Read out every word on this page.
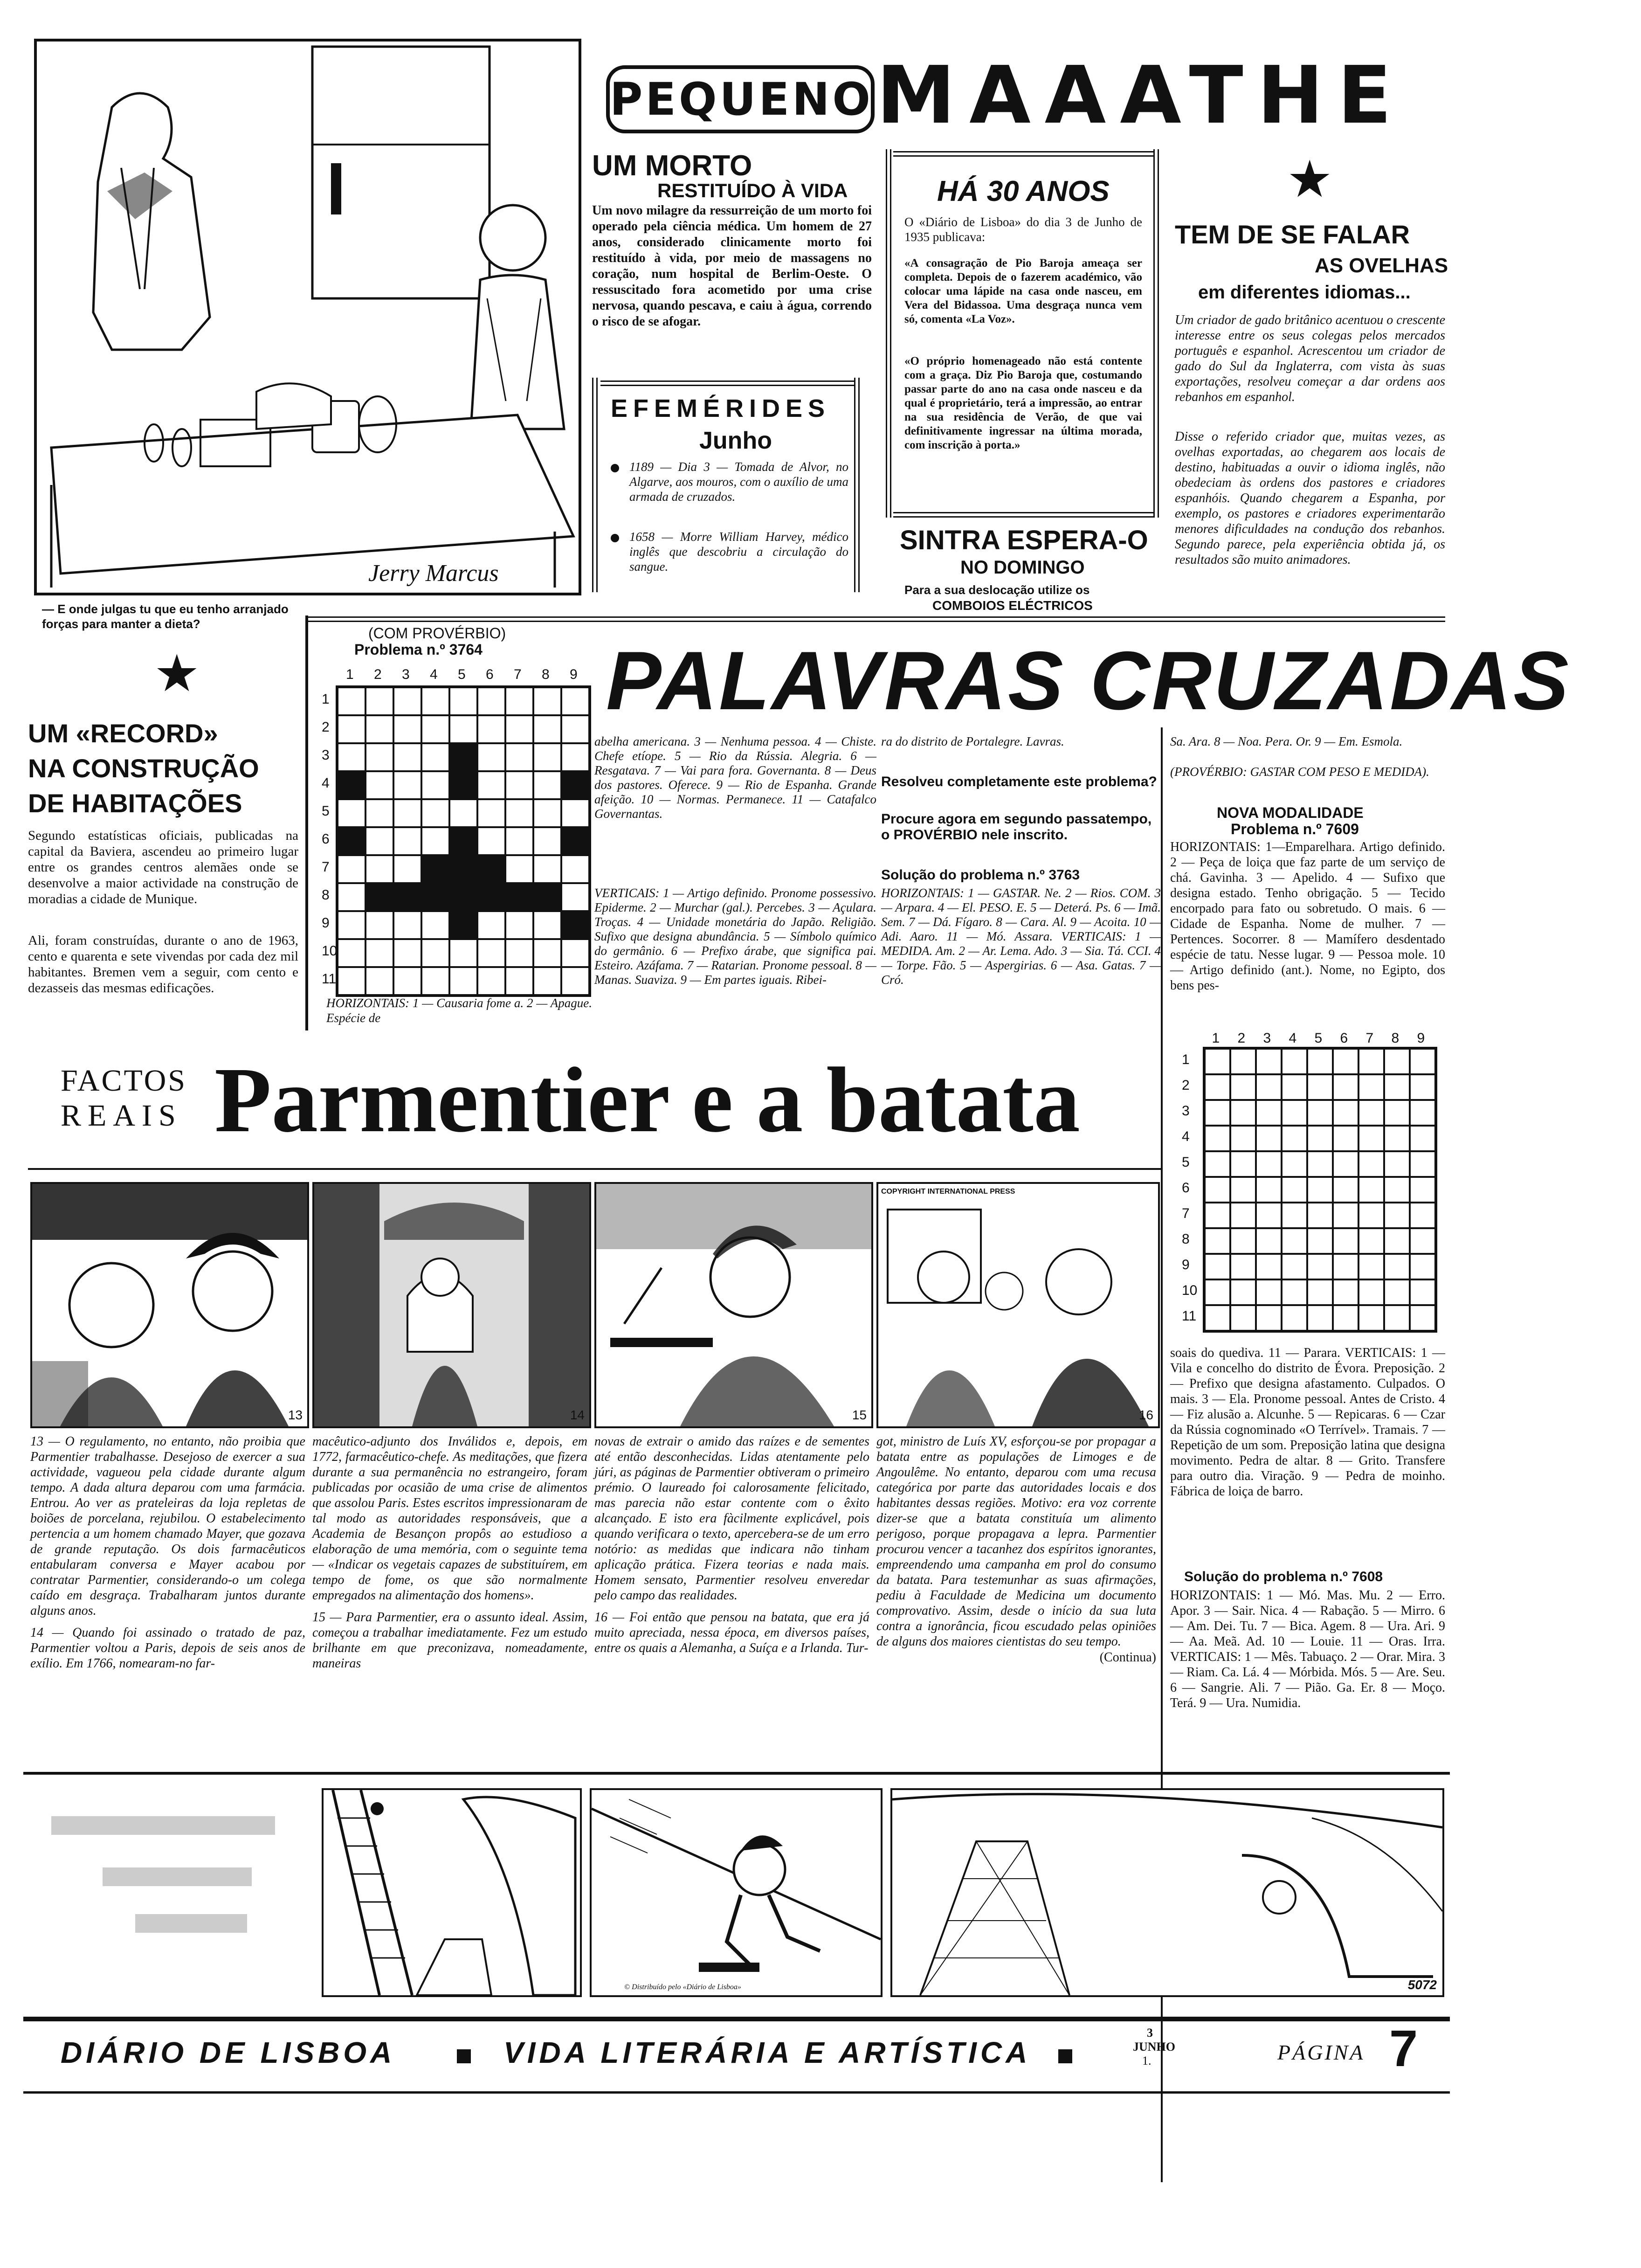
Jerry Marcus
— E onde julgas tu que eu tenho arranjado forças para manter a dieta?
PEQUENO MAAATHE
UM MORTO
RESTITUÍDO À VIDA
Um novo milagre da ressurreição de um morto foi operado pela ciência médica. Um homem de 27 anos, considerado clinicamente morto foi restituído à vida, por meio de massagens no coração, num hospital de Berlim-Oeste. O ressuscitado fora acometido por uma crise nervosa, quando pescava, e caiu à água, correndo o risco de se afogar.
EFEMÉRIDES
Junho
1189 — Dia 3 — Tomada de Alvor, no Algarve, aos mouros, com o auxílio de uma armada de cruzados.
1658 — Morre William Harvey, médico inglês que descobriu a circulação do sangue.
HÁ 30 ANOS
O «Diário de Lisboa» do dia 3 de Junho de 1935 publicava:
«A consagração de Pio Baroja ameaça ser completa. Depois de o fazerem académico, vão colocar uma lápide na casa onde nasceu, em Vera del Bidassoa. Uma desgraça nunca vem só, comenta «La Voz».
«O próprio homenageado não está contente com a graça. Diz Pio Baroja que, costumando passar parte do ano na casa onde nasceu e da qual é proprietário, terá a impressão, ao entrar na sua residência de Verão, de que vai definitivamente ingressar na última morada, com inscrição à porta.»
SINTRA ESPERA-O
NO DOMINGO
Para a sua deslocação utilize os
COMBOIOS ELÉCTRICOS
★
TEM DE SE FALAR
AS OVELHAS
em diferentes idiomas...
Um criador de gado britânico acentuou o crescente interesse entre os seus colegas pelos mercados português e espanhol. Acrescentou um criador de gado do Sul da Inglaterra, com vista às suas exportações, resolveu começar a dar ordens aos rebanhos em espanhol.
Disse o referido criador que, muitas vezes, as ovelhas exportadas, ao chegarem aos locais de destino, habituadas a ouvir o idioma inglês, não obedeciam às ordens dos pastores e criadores espanhóis. Quando chegarem a Espanha, por exemplo, os pastores e criadores experimentarão menores dificuldades na condução dos rebanhos. Segundo parece, pela experiência obtida já, os resultados são muito animadores.
★
UM «RECORD»
NA CONSTRUÇÃO
DE HABITAÇÕES
Segundo estatísticas oficiais, publicadas na capital da Baviera, ascendeu ao primeiro lugar entre os grandes centros alemães onde se desenvolve a maior actividade na construção de moradias a cidade de Munique.
Ali, foram construídas, durante o ano de 1963, cento e quarenta e sete vivendas por cada dez mil habitantes. Bremen vem a seguir, com cento e dezasseis das mesmas edificações.
(COM PROVÉRBIO)
Problema n.º 3764 PALAVRAS CRUZADAS
1 2 3 4 5 6 7 8 9
1
2
3
4
5
6
7
8
9
10
11
HORIZONTAIS: 1 — Causaria fome a. 2 — Apague. Espécie de
abelha americana. 3 — Nenhuma pessoa. 4 — Chiste. Chefe etíope. 5 — Rio da Rússia. Alegria. 6 — Resgatava. 7 — Vai para fora. Governanta. 8 — Deus dos pastores. Oferece. 9 — Rio de Espanha. Grande afeição. 10 — Normas. Permanece. 11 — Catafalco Governantas.
VERTICAIS: 1 — Artigo definido. Pronome possessivo. Epiderme. 2 — Murchar (gal.). Percebes. 3 — Açulara. Troças. 4 — Unidade monetária do Japão. Religião. Sufixo que designa abundância. 5 — Símbolo químico do germânio. 6 — Prefixo árabe, que significa pai. Esteiro. Azáfama. 7 — Ratarian. Pronome pessoal. 8 — Manas. Suaviza. 9 — Em partes iguais. Ribei-
ra do distrito de Portalegre. Lavras.
Resolveu completamente este problema?
Procure agora em segundo passatempo, o PROVÉRBIO nele inscrito.
Solução do problema n.º 3763
HORIZONTAIS: 1 — GASTAR. Ne. 2 — Rios. COM. 3 — Arpara. 4 — El. PESO. E. 5 — Deterá. Ps. 6 — Imã. Sem. 7 — Dá. Fígaro. 8 — Cara. Al. 9 — Acoita. 10 — Adi. Aaro. 11 — Mó. Assara. VERTICAIS: 1 — MEDIDA. Am. 2 — Ar. Lema. Ado. 3 — Sia. Tá. CCI. 4 — Torpe. Fão. 5 — Aspergirias. 6 — Asa. Gatas. 7 — Cró.
Sa. Ara. 8 — Noa. Pera. Or. 9 — Em. Esmola.
(PROVÉRBIO: GASTAR COM PESO E MEDIDA).
NOVA MODALIDADE
Problema n.º 7609
HORIZONTAIS: 1—Emparelhara. Artigo definido. 2 — Peça de loiça que faz parte de um serviço de chá. Gavinha. 3 — Apelido. 4 — Sufixo que designa estado. Tenho obrigação. 5 — Tecido encorpado para fato ou sobretudo. O mais. 6 — Cidade de Espanha. Nome de mulher. 7 — Pertences. Socorrer. 8 — Mamífero desdentado espécie de tatu. Nesse lugar. 9 — Pessoa mole. 10 — Artigo definido (ant.). Nome, no Egipto, dos bens pes-
1 2 3 4 5 6 7 8 9
1
2
3
4
5
6
7
8
9
10
11
soais do quediva. 11 — Parara. VERTICAIS: 1 — Vila e concelho do distrito de Évora. Preposição. 2 — Prefixo que designa afastamento. Culpados. O mais. 3 — Ela. Pronome pessoal. Antes de Cristo. 4 — Fiz alusão a. Alcunhe. 5 — Repicaras. 6 — Czar da Rússia cognominado «O Terrível». Tramais. 7 — Repetição de um som. Preposição latina que designa movimento. Pedra de altar. 8 — Grito. Transfere para outro dia. Viração. 9 — Pedra de moinho. Fábrica de loiça de barro.
Solução do problema n.º 7608
HORIZONTAIS: 1 — Mó. Mas. Mu. 2 — Erro. Apor. 3 — Sair. Nica. 4 — Rabação. 5 — Mirro. 6 — Am. Dei. Tu. 7 — Bica. Agem. 8 — Ura. Ari. 9 — Aa. Meã. Ad. 10 — Louie. 11 — Oras. Irra. VERTICAIS: 1 — Mês. Tabuaço. 2 — Orar. Mira. 3 — Riam. Ca. Lá. 4 — Mórbida. Mós. 5 — Are. Seu. 6 — Sangrie. Ali. 7 — Pião. Ga. Er. 8 — Moço. Terá. 9 — Ura. Numidia.
FACTOS
REAIS Parmentier e a batata
13	14	15
COPYRIGHT INTERNATIONAL PRESS
16

13 — O regulamento, no entanto, não proibia que Parmentier trabalhasse. Desejoso de exercer a sua actividade, vagueou pela cidade durante algum tempo. A dada altura deparou com uma farmácia. Entrou. Ao ver as prateleiras da loja repletas de boiões de porcelana, rejubilou. O estabelecimento pertencia a um homem chamado Mayer, que gozava de grande reputação. Os dois farmacêuticos entabularam conversa e Mayer acabou por contratar Parmentier, considerando-o um colega caído em desgraça. Trabalharam juntos durante alguns anos.

14 — Quando foi assinado o tratado de paz, Parmentier voltou a Paris, depois de seis anos de exílio. Em 1766, nomearam-no far-

macêutico-adjunto dos Inválidos e, depois, em 1772, farmacêutico-chefe. As meditações, que fizera durante a sua permanência no estrangeiro, foram publicadas por ocasião de uma crise de alimentos que assolou Paris. Estes escritos impressionaram de tal modo as autoridades responsáveis, que a Academia de Besançon propôs ao estudioso a elaboração de uma memória, com o seguinte tema — «Indicar os vegetais capazes de substituírem, em tempo de fome, os que são normalmente empregados na alimentação dos homens».

15 — Para Parmentier, era o assunto ideal. Assim, começou a trabalhar imediatamente. Fez um estudo brilhante em que preconizava, nomeadamente, maneiras

novas de extrair o amido das raízes e de sementes até então desconhecidas. Lidas atentamente pelo júri, as páginas de Parmentier obtiveram o primeiro prémio. O laureado foi calorosamente felicitado, mas parecia não estar contente com o êxito alcançado. E isto era fàcilmente explicável, pois quando verificara o texto, apercebera-se de um erro notório: as medidas que indicara não tinham aplicação prática. Fizera teorias e nada mais. Homem sensato, Parmentier resolveu enveredar pelo campo das realidades.

16 — Foi então que pensou na batata, que era já muito apreciada, nessa época, em diversos países, entre os quais a Alemanha, a Suíça e a Irlanda. Tur-

got, ministro de Luís XV, esforçou-se por propagar a batata entre as populações de Limoges e de Angoulême. No entanto, deparou com uma recusa categórica por parte das autoridades locais e dos habitantes dessas regiões. Motivo: era voz corrente dizer-se que a batata constituía um alimento perigoso, porque propagava a lepra. Parmentier procurou vencer a tacanhez dos espíritos ignorantes, empreendendo uma campanha em prol do consumo da batata. Para testemunhar as suas afirmações, pediu à Faculdade de Medicina um documento comprovativo. Assim, desde o início da sua luta contra a ignorância, ficou escudado pelas opiniões de alguns dos maiores cientistas do seu tempo.

(Continua)

© Distribuído pelo «Diário de Lisboa»	5072
DIÁRIO DE LISBOA	VIDA LITERÁRIA E ARTÍSTICA
3
JUNHO
1.	PÁGINA 7
